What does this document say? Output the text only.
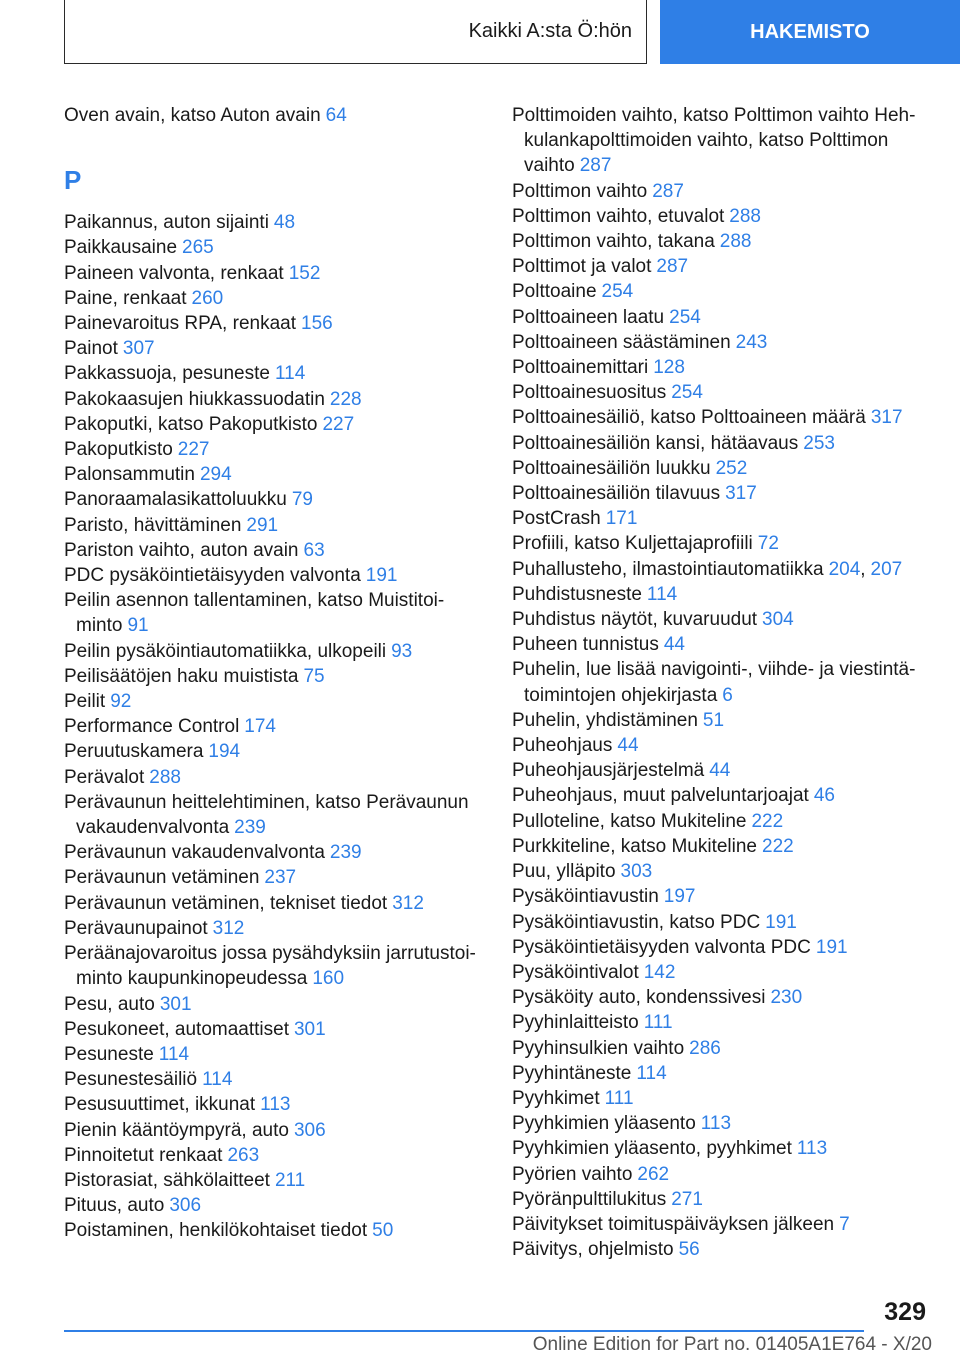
Kaikki A:sta Ö:hön	HAKEMISTO
Oven avain, katso Auton avain 64
P
Paikannus, auton sijainti 48
Paikkausaine 265
Paineen valvonta, renkaat 152
Paine, renkaat 260
Painevaroitus RPA, renkaat 156
Painot 307
Pakkassuoja, pesuneste 114
Pakokaasujen hiukkassuodatin 228
Pakoputki, katso Pakoputkisto 227
Pakoputkisto 227
Palonsammutin 294
Panoraamalasikattoluukku 79
Paristo, hävittäminen 291
Pariston vaihto, auton avain 63
PDC pysäköintietäisyyden valvonta 191
Peilin asennon tallentaminen, katso Muistitoi‐ minto 91
Peilin pysäköintiautomatiikka, ulkopeili 93
Peilisäätöjen haku muistista 75
Peilit 92
Performance Control 174
Peruutuskamera 194
Perävalot 288
Perävaunun heittelehtiminen, katso Perävaunun vakaudenvalvonta 239
Perävaunun vakaudenvalvonta 239
Perävaunun vetäminen 237
Perävaunun vetäminen, tekniset tiedot 312
Perävaunupainot 312
Peräänajovaroitus jossa pysähdyksiin jarrutustoi‐ minto kaupunkinopeudessa 160
Pesu, auto 301
Pesukoneet, automaattiset 301
Pesuneste 114
Pesunestesäiliö 114
Pesusuuttimet, ikkunat 113
Pienin kääntöympyrä, auto 306
Pinnoitetut renkaat 263
Pistorasiat, sähkölaitteet 211
Pituus, auto 306
Poistaminen, henkilökohtaiset tiedot 50
Polttimoiden vaihto, katso Polttimon vaihto Heh‐ kulankapolttimoiden vaihto, katso Polttimon vaihto 287
Polttimon vaihto 287
Polttimon vaihto, etuvalot 288
Polttimon vaihto, takana 288
Polttimot ja valot 287
Polttoaine 254
Polttoaineen laatu 254
Polttoaineen säästäminen 243
Polttoainemittari 128
Polttoainesuositus 254
Polttoainesäiliö, katso Polttoaineen määrä 317
Polttoainesäiliön kansi, hätäavaus 253
Polttoainesäiliön luukku 252
Polttoainesäiliön tilavuus 317
PostCrash 171
Profiili, katso Kuljettajaprofiili 72
Puhallusteho, ilmastointiautomatiikka 204, 207
Puhdistusneste 114
Puhdistus näytöt, kuvaruudut 304
Puheen tunnistus 44
Puhelin, lue lisää navigointi-, viihde- ja viestintä‐ toimintojen ohjekirjasta 6
Puhelin, yhdistäminen 51
Puheohjaus 44
Puheohjausjärjestelmä 44
Puheohjaus, muut palveluntarjoajat 46
Pulloteline, katso Mukiteline 222
Purkkiteline, katso Mukiteline 222
Puu, ylläpito 303
Pysäköintiavustin 197
Pysäköintiavustin, katso PDC 191
Pysäköintietäisyyden valvonta PDC 191
Pysäköintivalot 142
Pysäköity auto, kondenssivesi 230
Pyyhinlaitteisto 111
Pyyhinsulkien vaihto 286
Pyyhintäneste 114
Pyyhkimet 111
Pyyhkimien yläasento 113
Pyyhkimien yläasento, pyyhkimet 113
Pyörien vaihto 262
Pyöränpulttilukitus 271
Päivitykset toimituspäiväyksen jälkeen 7
Päivitys, ohjelmisto 56
329
Online Edition for Part no. 01405A1E764 - X/20
